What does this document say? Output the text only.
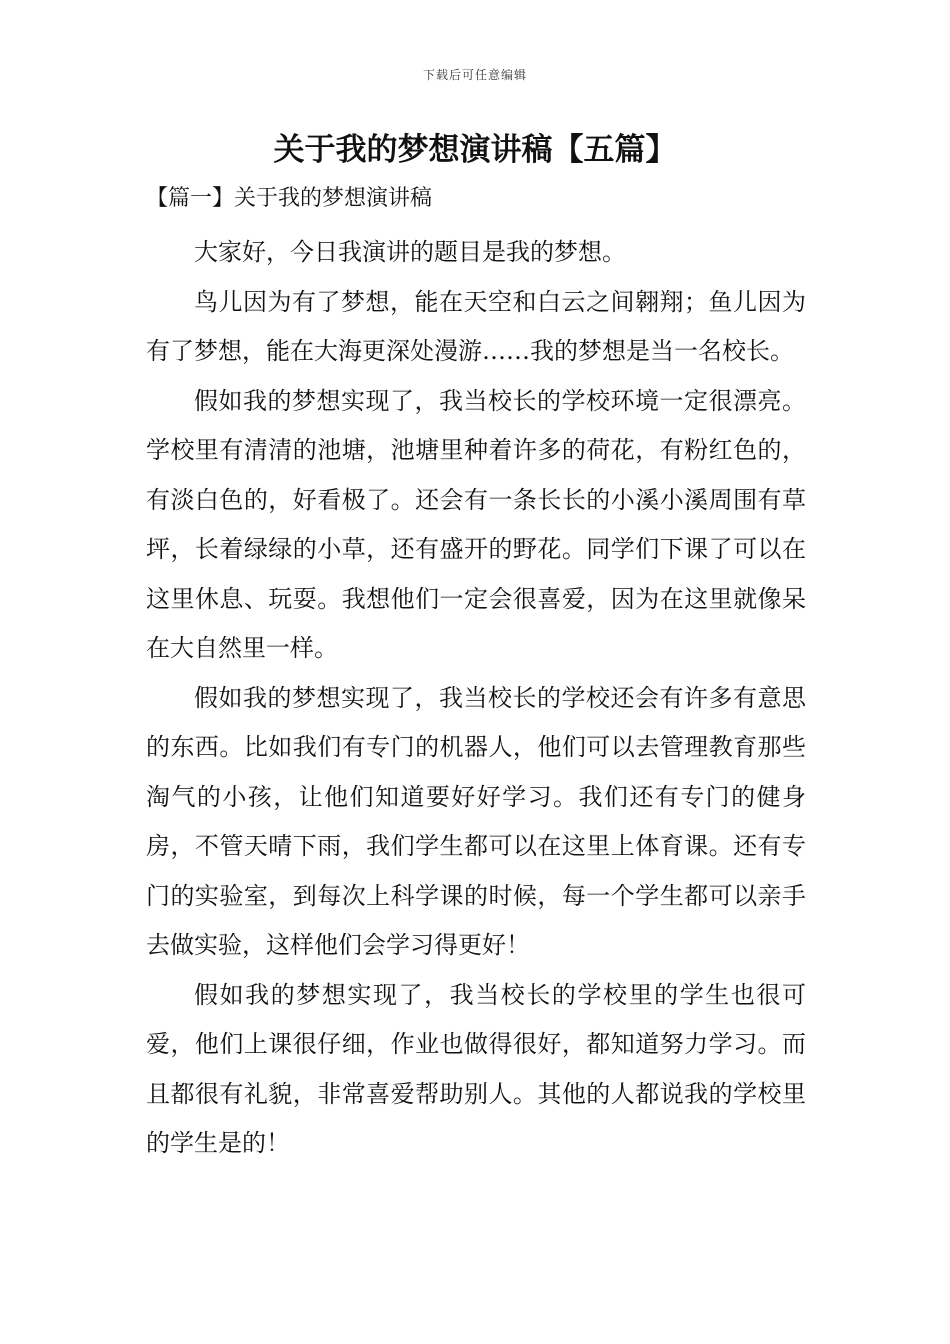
下载后可任意编辑
关于我的梦想演讲稿【五篇】
【篇一】关于我的梦想演讲稿

大家好，今日我演讲的题目是我的梦想。

鸟儿因为有了梦想，能在天空和白云之间翱翔；鱼儿因为有了梦想，能在大海更深处漫游……我的梦想是当一名校长。

假如我的梦想实现了，我当校长的学校环境一定很漂亮。学校里有清清的池塘，池塘里种着许多的荷花，有粉红色的，有淡白色的，好看极了。还会有一条长长的小溪小溪周围有草坪，长着绿绿的小草，还有盛开的野花。同学们下课了可以在这里休息、玩耍。我想他们一定会很喜爱，因为在这里就像呆在大自然里一样。

假如我的梦想实现了，我当校长的学校还会有许多有意思的东西。比如我们有专门的机器人，他们可以去管理教育那些淘气的小孩，让他们知道要好好学习。我们还有专门的健身房，不管天晴下雨，我们学生都可以在这里上体育课。还有专门的实验室，到每次上科学课的时候，每一个学生都可以亲手去做实验，这样他们会学习得更好！

假如我的梦想实现了，我当校长的学校里的学生也很可爱，他们上课很仔细，作业也做得很好，都知道努力学习。而且都很有礼貌，非常喜爱帮助别人。其他的人都说我的学校里的学生是的！
